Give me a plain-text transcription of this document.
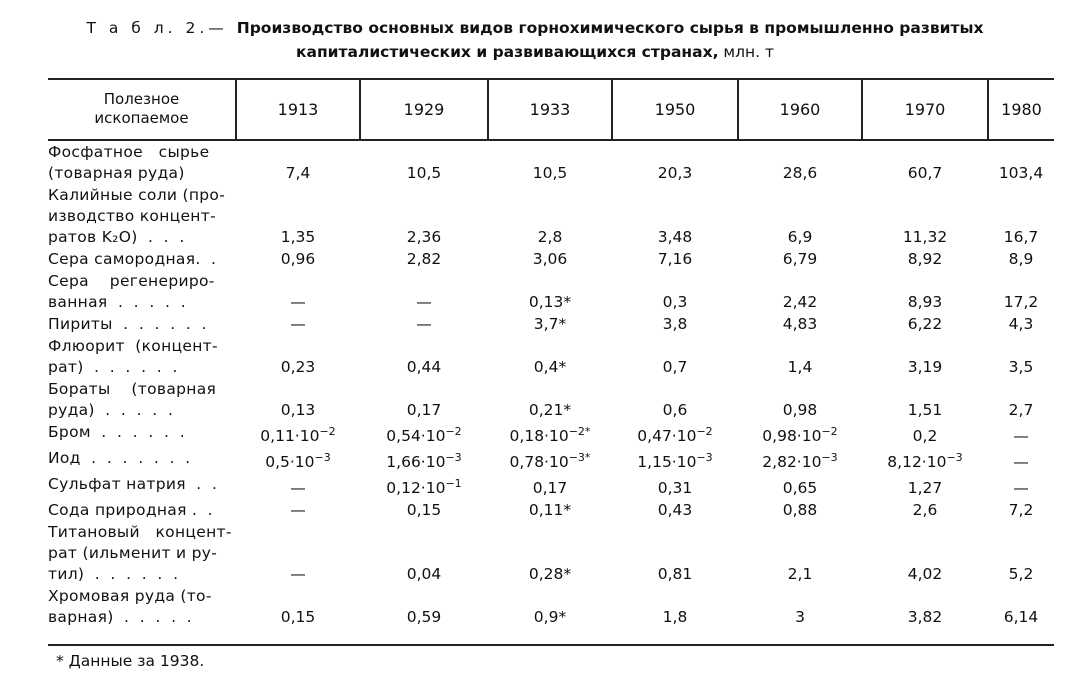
Т а б л. 2.— Производство основных видов горнохимического сырья в промышленно развитых
капиталистических и развивающихся странах, млн. т
Полезное
ископаемое	1913	1929	1933	1950	1960	1970	1980

Фосфатное   сырье
(товарная руда)	7,4	10,5	10,5	20,3	28,6	60,7	103,4

Калийные соли (про-
изводство концент-
ратов K₂O)  .  .  .	1,35	2,36	2,8	3,48	6,9	11,32	16,7

Сера самородная.  .	0,96	2,82	3,06	7,16	6,79	8,92	8,9

Сера    регенериро-
ванная  .  .  .  .  .	—	—	0,13*	0,3	2,42	8,93	17,2

Пириты  .  .  .  .  .  .	—	—	3,7*	3,8	4,83	6,22	4,3

Флюорит  (концент-
рат)  .  .  .  .  .  .	0,23	0,44	0,4*	0,7	1,4	3,19	3,5

Бораты    (товарная
руда)  .  .  .  .  .	0,13	0,17	0,21*	0,6	0,98	1,51	2,7

Бром  .  .  .  .  .  .	$0,11\cdot 10^{-2}$	$0,54\cdot 10^{-2}$	$0,18\cdot 10^{-2*}$	$0,47\cdot 10^{-2}$	$0,98\cdot 10^{-2}$	0,2	—

Иод  .  .  .  .  .  .  .	$0,5\cdot 10^{-3}$	$1,66\cdot 10^{-3}$	$0,78\cdot 10^{-3*}$	$1,15\cdot 10^{-3}$	$2,82\cdot 10^{-3}$	$8,12\cdot 10^{-3}$	—

Сульфат натрия  .  .	—	$0,12\cdot 10^{-1}$	0,17	0,31	0,65	1,27	—

Сода природная .  .	—	0,15	0,11*	0,43	0,88	2,6	7,2

Титановый   концент-
рат (ильменит и ру-
тил)  .  .  .  .  .  .	—	0,04	0,28*	0,81	2,1	4,02	5,2

Хромовая руда (то-
варная)  .  .  .  .  .	0,15	0,59	0,9*	1,8	3	3,82	6,14
* Данные за 1938.
